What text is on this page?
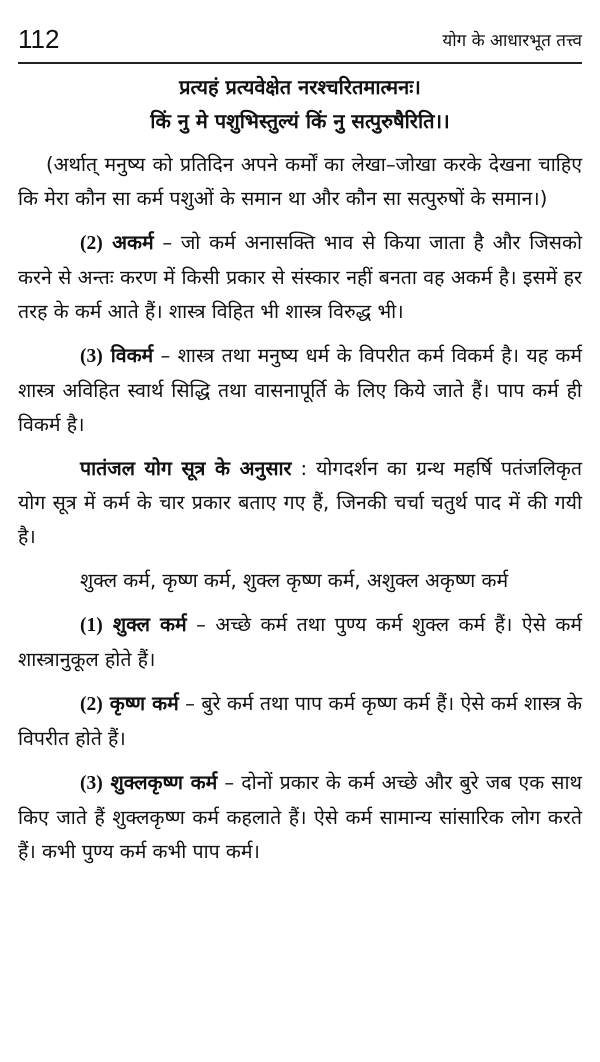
112	योग के आधारभूत तत्त्व
प्रत्यहं प्रत्यवेक्षेत नरश्चरितमात्मनः।
किं नु मे पशुभिस्तुल्यं किं नु सत्पुरुषैरिति।।

(अर्थात् मनुष्य को प्रतिदिन अपने कर्मों का लेखा–जोखा करके देखना चाहिए कि मेरा कौन सा कर्म पशुओं के समान था और कौन सा सत्पुरुषों के समान।)

(2) अकर्म – जो कर्म अनासक्ति भाव से किया जाता है और जिसको करने से अन्तः करण में किसी प्रकार से संस्कार नहीं बनता वह अकर्म है। इसमें हर तरह के कर्म आते हैं। शास्त्र विहित भी शास्त्र विरुद्ध भी।

(3) विकर्म – शास्त्र तथा मनुष्य धर्म के विपरीत कर्म विकर्म है। यह कर्म शास्त्र अविहित स्वार्थ सिद्धि तथा वासनापूर्ति के लिए किये जाते हैं। पाप कर्म ही विकर्म है।

पातंजल योग सूत्र के अनुसार : योगदर्शन का ग्रन्थ महर्षि पतंजलिकृत योग सूत्र में कर्म के चार प्रकार बताए गए हैं, जिनकी चर्चा चतुर्थ पाद में की गयी है।

शुक्ल कर्म, कृष्ण कर्म, शुक्ल कृष्ण कर्म, अशुक्ल अकृष्ण कर्म

(1) शुक्ल कर्म – अच्छे कर्म तथा पुण्य कर्म शुक्ल कर्म हैं। ऐसे कर्म शास्त्रानुकूल होते हैं।

(2) कृष्ण कर्म – बुरे कर्म तथा पाप कर्म कृष्ण कर्म हैं। ऐसे कर्म शास्त्र के विपरीत होते हैं।

(3) शुक्लकृष्ण कर्म – दोनों प्रकार के कर्म अच्छे और बुरे जब एक साथ किए जाते हैं शुक्लकृष्ण कर्म कहलाते हैं। ऐसे कर्म सामान्य सांसारिक लोग करते हैं। कभी पुण्य कर्म कभी पाप कर्म।
